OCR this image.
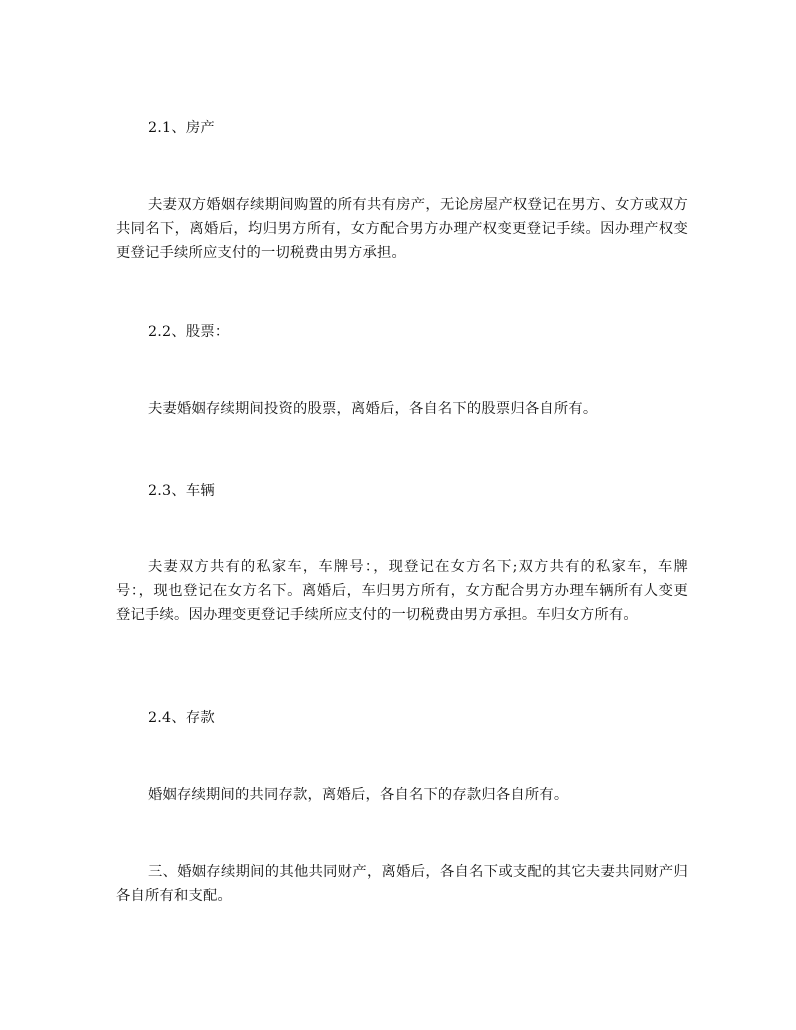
2.1、房产
夫妻双方婚姻存续期间购置的所有共有房产，无论房屋产权登记在男方、女方或双方共同名下，离婚后，均归男方所有，女方配合男方办理产权变更登记手续。因办理产权变更登记手续所应支付的一切税费由男方承担。
2.2、股票：
夫妻婚姻存续期间投资的股票，离婚后，各自名下的股票归各自所有。
2.3、车辆
夫妻双方共有的私家车，车牌号：，现登记在女方名下;双方共有的私家车，车牌号：，现也登记在女方名下。离婚后，车归男方所有，女方配合男方办理车辆所有人变更登记手续。因办理变更登记手续所应支付的一切税费由男方承担。车归女方所有。
2.4、存款
婚姻存续期间的共同存款，离婚后，各自名下的存款归各自所有。
三、婚姻存续期间的其他共同财产，离婚后，各自名下或支配的其它夫妻共同财产归各自所有和支配。
